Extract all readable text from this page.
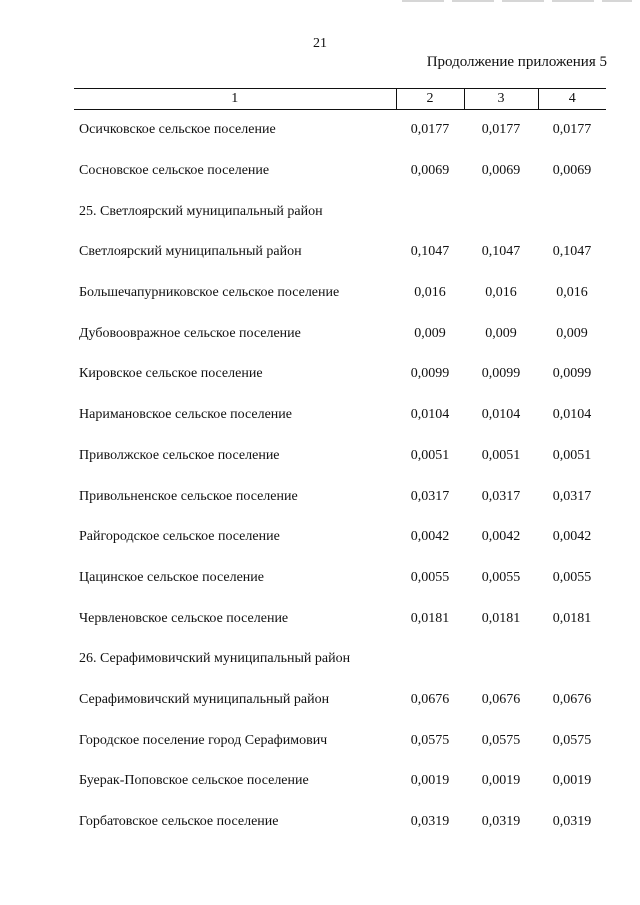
21
Продолжение приложения 5
1	2	3	4
Осичковское сельское поселение	0,0177	0,0177	0,0177
Сосновское сельское поселение	0,0069	0,0069	0,0069
25. Светлоярский муниципальный район			
Светлоярский муниципальный район	0,1047	0,1047	0,1047
Большечапурниковское сельское поселение	0,016	0,016	0,016
Дубовоовражное сельское поселение	0,009	0,009	0,009
Кировское сельское поселение	0,0099	0,0099	0,0099
Наримановское сельское поселение	0,0104	0,0104	0,0104
Приволжское сельское поселение	0,0051	0,0051	0,0051
Привольненское сельское поселение	0,0317	0,0317	0,0317
Райгородское сельское поселение	0,0042	0,0042	0,0042
Цацинское сельское поселение	0,0055	0,0055	0,0055
Червленовское сельское поселение	0,0181	0,0181	0,0181
26. Серафимовичский муниципальный район			
Серафимовичский муниципальный район	0,0676	0,0676	0,0676
Городское поселение город Серафимович	0,0575	0,0575	0,0575
Буерак-Поповское сельское поселение	0,0019	0,0019	0,0019
Горбатовское сельское поселение	0,0319	0,0319	0,0319
